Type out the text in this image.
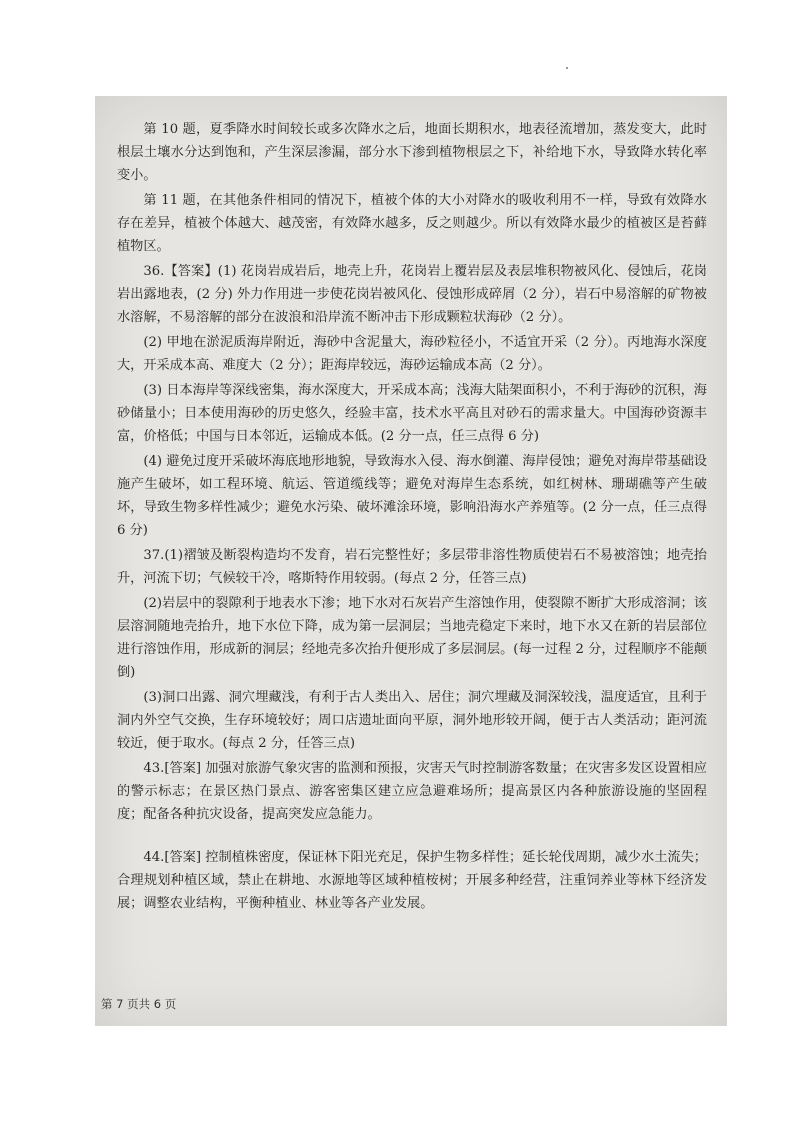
第 10 题，夏季降水时间较长或多次降水之后，地面长期积水，地表径流增加，蒸发变大，此时根层土壤水分达到饱和，产生深层渗漏，部分水下渗到植物根层之下，补给地下水，导致降水转化率变小。

第 11 题，在其他条件相同的情况下，植被个体的大小对降水的吸收利用不一样，导致有效降水存在差异，植被个体越大、越茂密，有效降水越多，反之则越少。所以有效降水最少的植被区是苔藓植物区。

36.【答案】(1) 花岗岩成岩后，地壳上升，花岗岩上覆岩层及表层堆积物被风化、侵蚀后，花岗岩出露地表，(2 分) 外力作用进一步使花岗岩被风化、侵蚀形成碎屑（2 分），岩石中易溶解的矿物被水溶解，不易溶解的部分在波浪和沿岸流不断冲击下形成颗粒状海砂（2 分）。

(2) 甲地在淤泥质海岸附近，海砂中含泥量大，海砂粒径小，不适宜开采（2 分）。丙地海水深度大，开采成本高、难度大（2 分）；距海岸较远，海砂运输成本高（2 分）。

(3) 日本海岸等深线密集，海水深度大，开采成本高；浅海大陆架面积小，不利于海砂的沉积，海砂储量小；日本使用海砂的历史悠久，经验丰富，技术水平高且对砂石的需求量大。中国海砂资源丰富，价格低；中国与日本邻近，运输成本低。(2 分一点，任三点得 6 分)

(4) 避免过度开采破坏海底地形地貌，导致海水入侵、海水倒灌、海岸侵蚀；避免对海岸带基础设施产生破坏，如工程环境、航运、管道缆线等；避免对海岸生态系统，如红树林、珊瑚礁等产生破坏，导致生物多样性减少；避免水污染、破坏滩涂环境，影响沿海水产养殖等。(2 分一点，任三点得 6 分)

37.(1)褶皱及断裂构造均不发育，岩石完整性好；多层带非溶性物质使岩石不易被溶蚀；地壳抬升，河流下切；气候较干冷，喀斯特作用较弱。(每点 2 分，任答三点)

(2)岩层中的裂隙利于地表水下渗；地下水对石灰岩产生溶蚀作用，使裂隙不断扩大形成溶洞；该层溶洞随地壳抬升，地下水位下降，成为第一层洞层；当地壳稳定下来时，地下水又在新的岩层部位进行溶蚀作用，形成新的洞层；经地壳多次抬升便形成了多层洞层。(每一过程 2 分，过程顺序不能颠倒)

(3)洞口出露、洞穴埋藏浅，有利于古人类出入、居住；洞穴埋藏及洞深较浅，温度适宜，且利于洞内外空气交换，生存环境较好；周口店遗址面向平原，洞外地形较开阔，便于古人类活动；距河流较近，便于取水。(每点 2 分，任答三点)

43.[答案] 加强对旅游气象灾害的监测和预报，灾害天气时控制游客数量；在灾害多发区设置相应的警示标志；在景区热门景点、游客密集区建立应急避难场所；提高景区内各种旅游设施的坚固程度；配备各种抗灾设备，提高突发应急能力。

44.[答案] 控制植株密度，保证林下阳光充足，保护生物多样性；延长轮伐周期，减少水土流失；合理规划种植区域，禁止在耕地、水源地等区域种植桉树；开展多种经营，注重饲养业等林下经济发展；调整农业结构，平衡种植业、林业等各产业发展。

第 7 页共 6 页
